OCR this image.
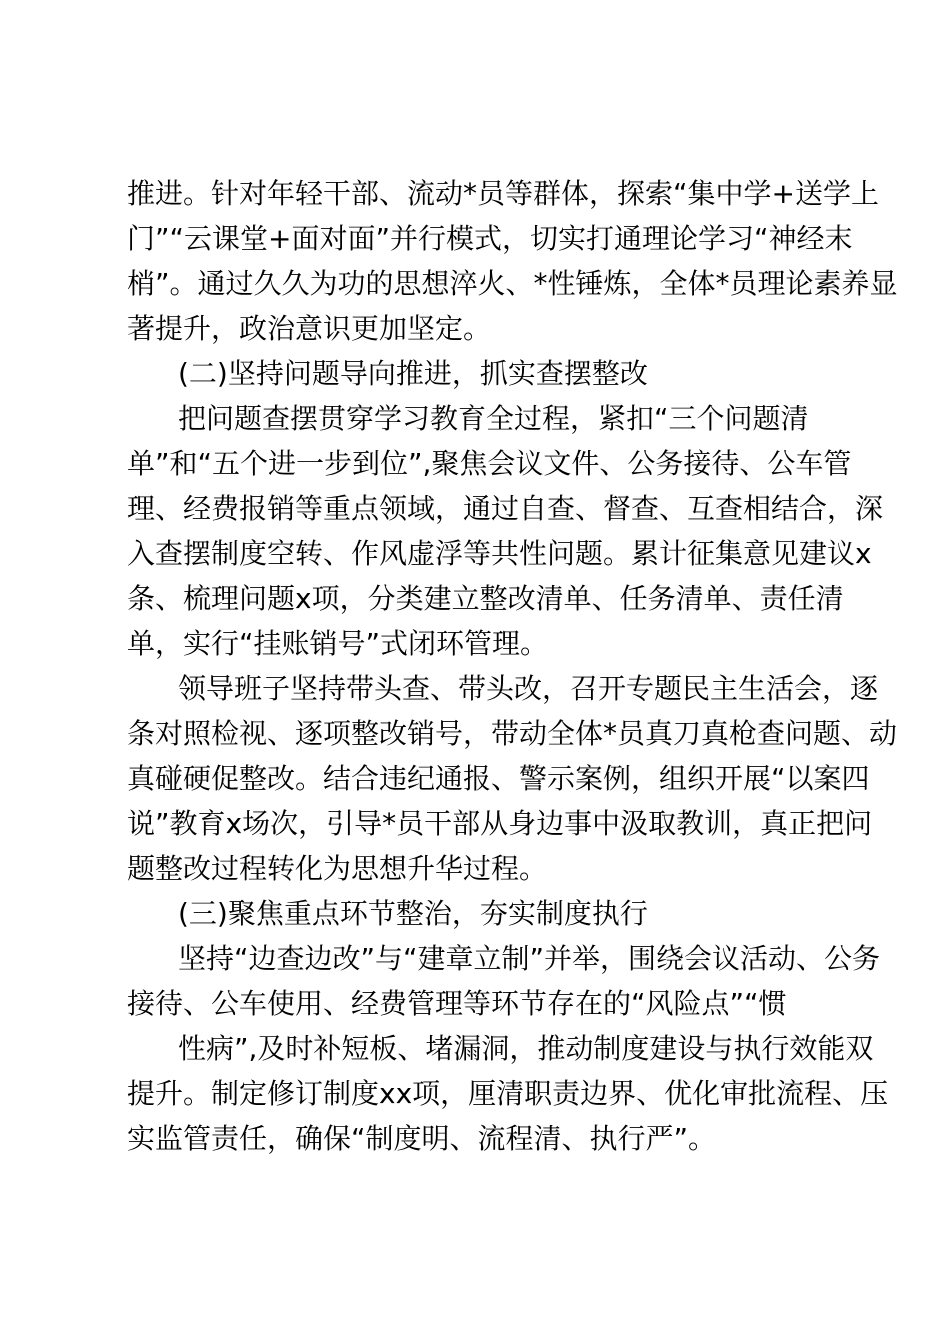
推进。针对年轻干部、流动*员等群体，探索“集中学+送学上
门”“云课堂+面对面”并行模式，切实打通理论学习“神经末
梢”。通过久久为功的思想淬火、*性锤炼，全体*员理论素养显
著提升，政治意识更加坚定。
(二)坚持问题导向推进，抓实查摆整改
把问题查摆贯穿学习教育全过程，紧扣“三个问题清
单”和“五个进一步到位”,聚焦会议文件、公务接待、公车管
理、经费报销等重点领域，通过自查、督查、互查相结合，深
入查摆制度空转、作风虚浮等共性问题。累计征集意见建议x
条、梳理问题x项，分类建立整改清单、任务清单、责任清
单，实行“挂账销号”式闭环管理。
领导班子坚持带头查、带头改，召开专题民主生活会，逐
条对照检视、逐项整改销号，带动全体*员真刀真枪查问题、动
真碰硬促整改。结合违纪通报、警示案例，组织开展“以案四
说”教育x场次，引导*员干部从身边事中汲取教训，真正把问
题整改过程转化为思想升华过程。
(三)聚焦重点环节整治，夯实制度执行
坚持“边查边改”与“建章立制”并举，围绕会议活动、公务
接待、公车使用、经费管理等环节存在的“风险点”“惯
性病”,及时补短板、堵漏洞，推动制度建设与执行效能双
提升。制定修订制度xx项，厘清职责边界、优化审批流程、压
实监管责任，确保“制度明、流程清、执行严”。
